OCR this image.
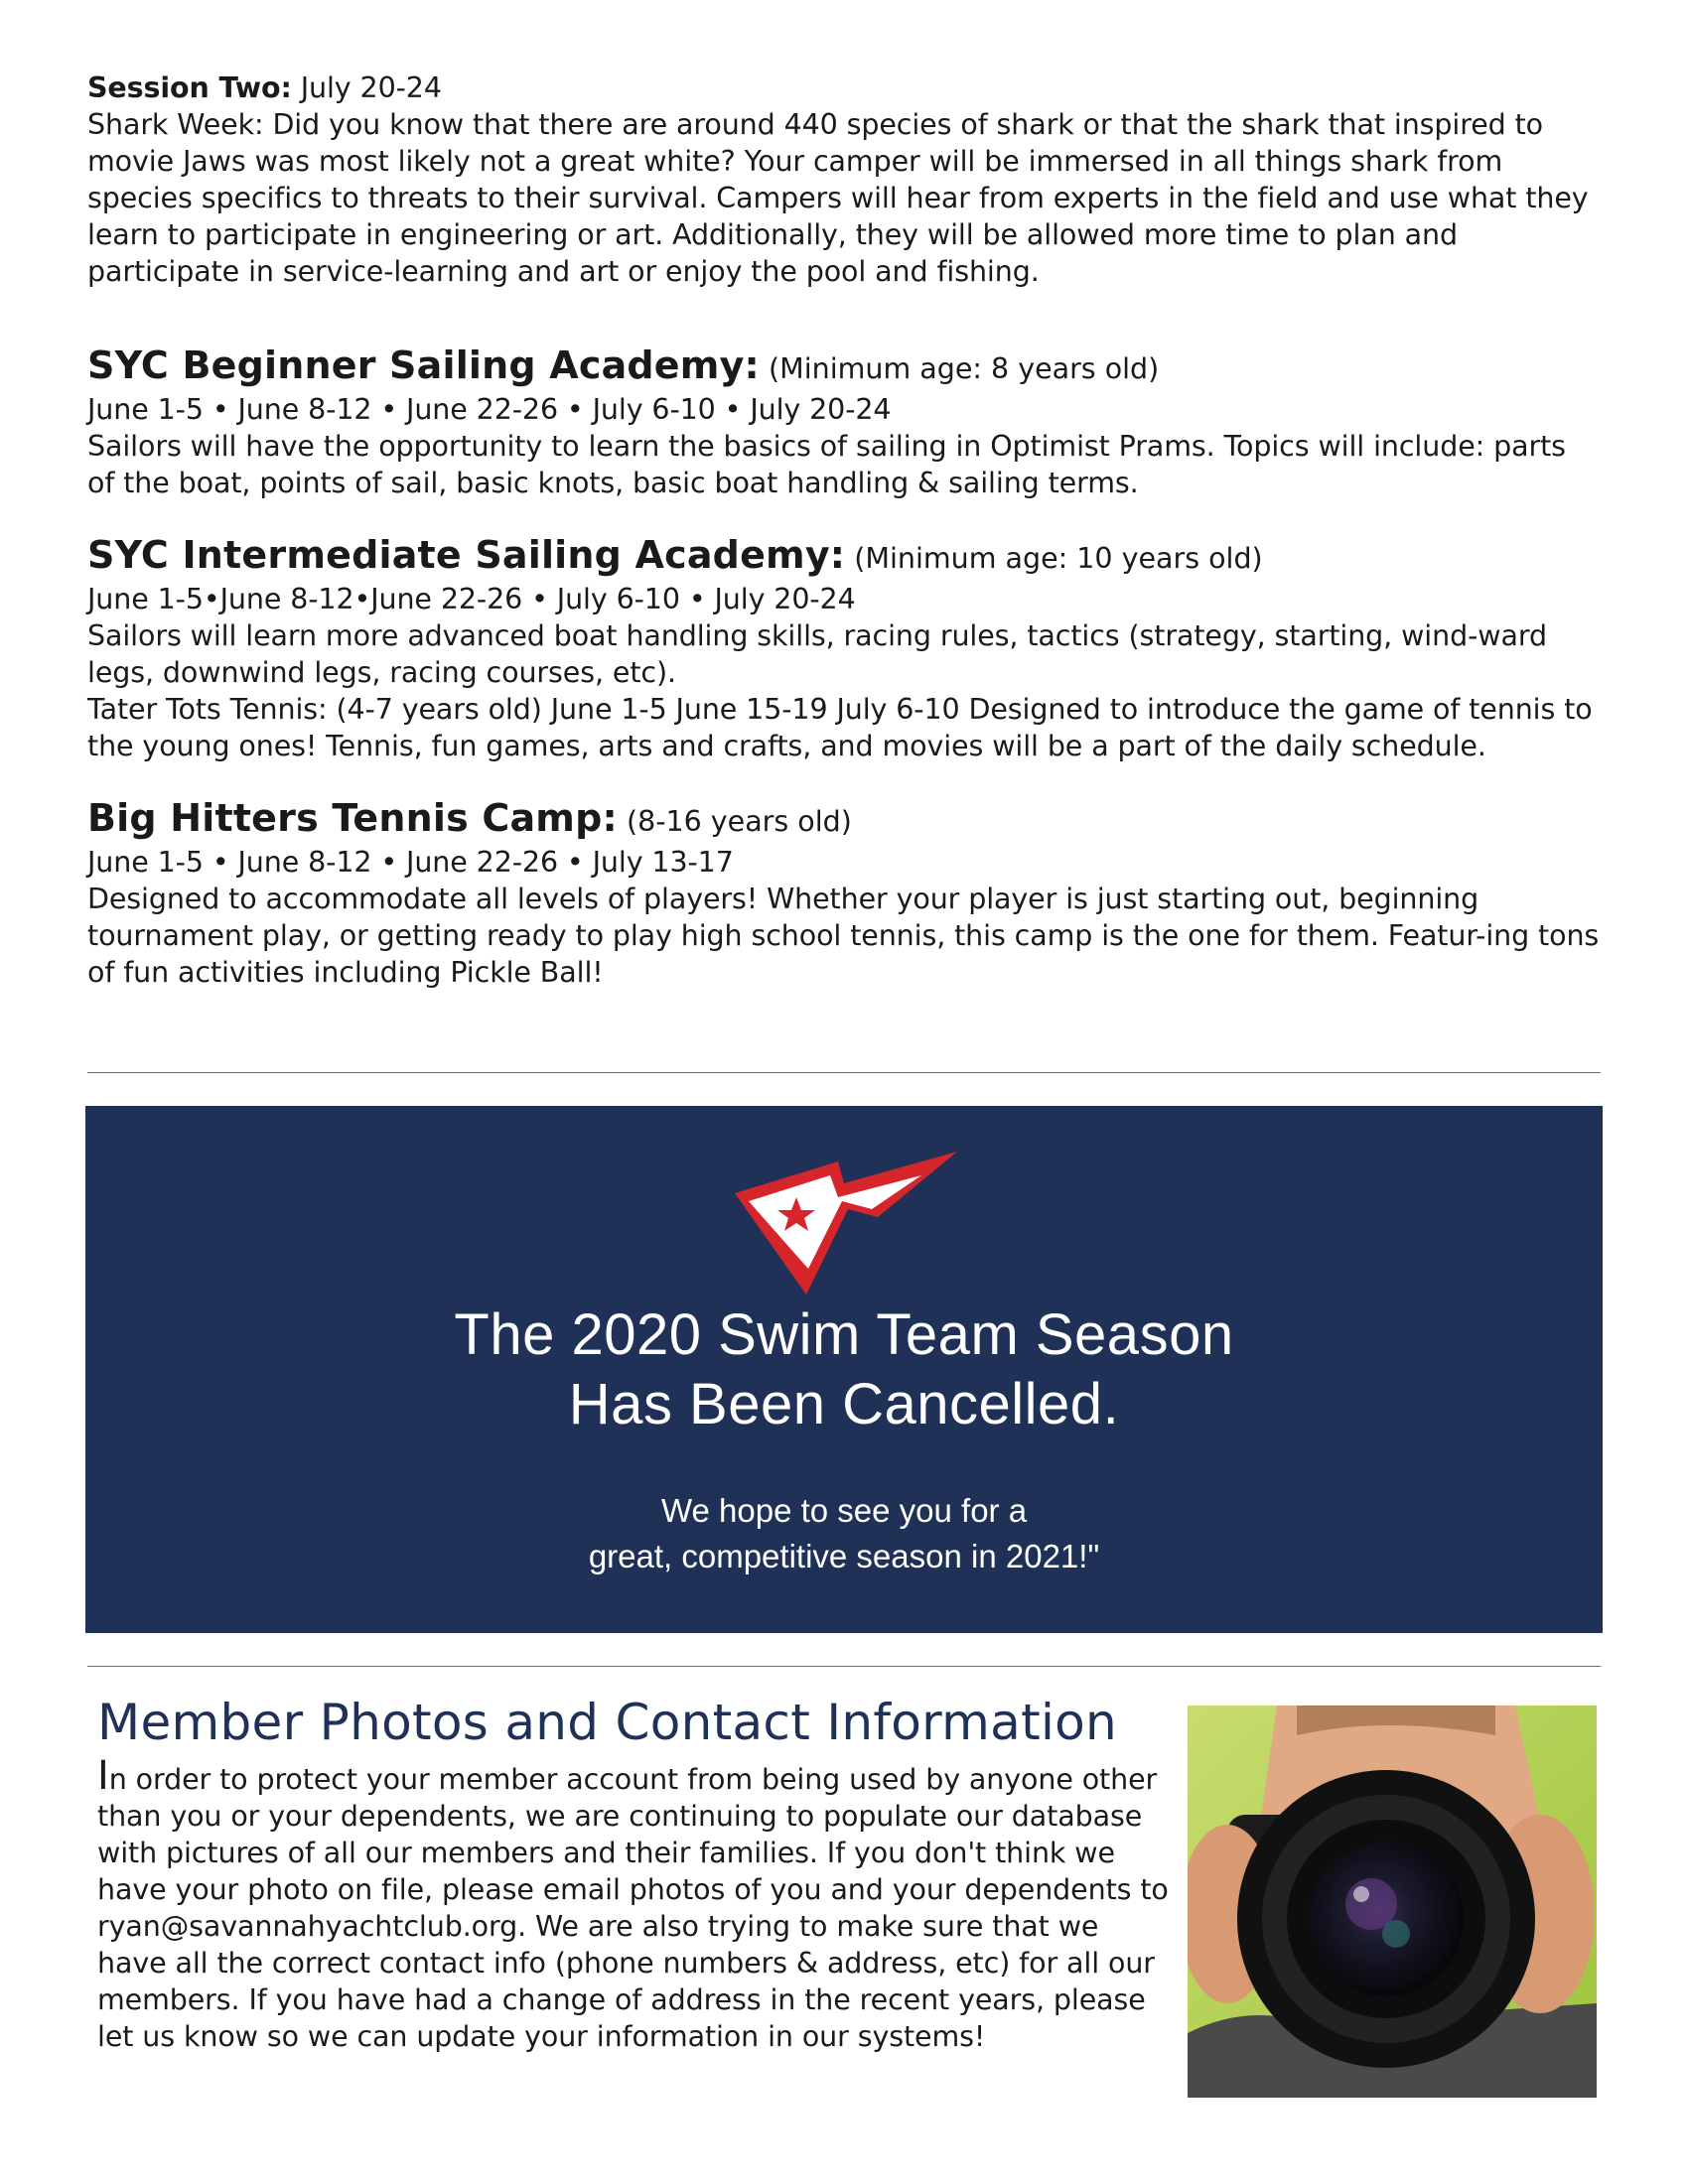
Session Two: July 20-24

Shark Week: Did you know that there are around 440 species of shark or that the shark that inspired to movie Jaws was most likely not a great white? Your camper will be immersed in all things shark from species specifics to threats to their survival. Campers will hear from experts in the field and use what they learn to participate in engineering or art. Additionally, they will be allowed more time to plan and participate in service-learning and art or enjoy the pool and fishing.

SYC Beginner Sailing Academy: (Minimum age: 8 years old)

June 1-5 • June 8-12 • June 22-26 • July 6-10 • July 20-24

Sailors will have the opportunity to learn the basics of sailing in Optimist Prams. Topics will include: parts of the boat, points of sail, basic knots, basic boat handling & sailing terms.

SYC Intermediate Sailing Academy: (Minimum age: 10 years old)

June 1-5•June 8-12•June 22-26 • July 6-10 • July 20-24

Sailors will learn more advanced boat handling skills, racing rules, tactics (strategy, starting, wind-ward legs, downwind legs, racing courses, etc).

Tater Tots Tennis: (4-7 years old) June 1-5 June 15-19 July 6-10 Designed to introduce the game of tennis to the young ones! Tennis, fun games, arts and crafts, and movies will be a part of the daily schedule.

Big Hitters Tennis Camp: (8-16 years old)

June 1-5 • June 8-12 • June 22-26 • July 13-17

Designed to accommodate all levels of players! Whether your player is just starting out, beginning tournament play, or getting ready to play high school tennis, this camp is the one for them. Featur-ing tons of fun activities including Pickle Ball!

The 2020 Swim Team Season
Has Been Cancelled.
We hope to see you for a
great, competitive season in 2021!"
Member Photos and Contact Information

In order to protect your member account from being used by anyone other than you or your dependents, we are continuing to populate our database with pictures of all our members and their families. If you don't think we have your photo on file, please email photos of you and your dependents to ryan@savannahyachtclub.org. We are also trying to make sure that we have all the correct contact info (phone numbers & address, etc) for all our members. If you have had a change of address in the recent years, please let us know so we can update your information in our systems!
